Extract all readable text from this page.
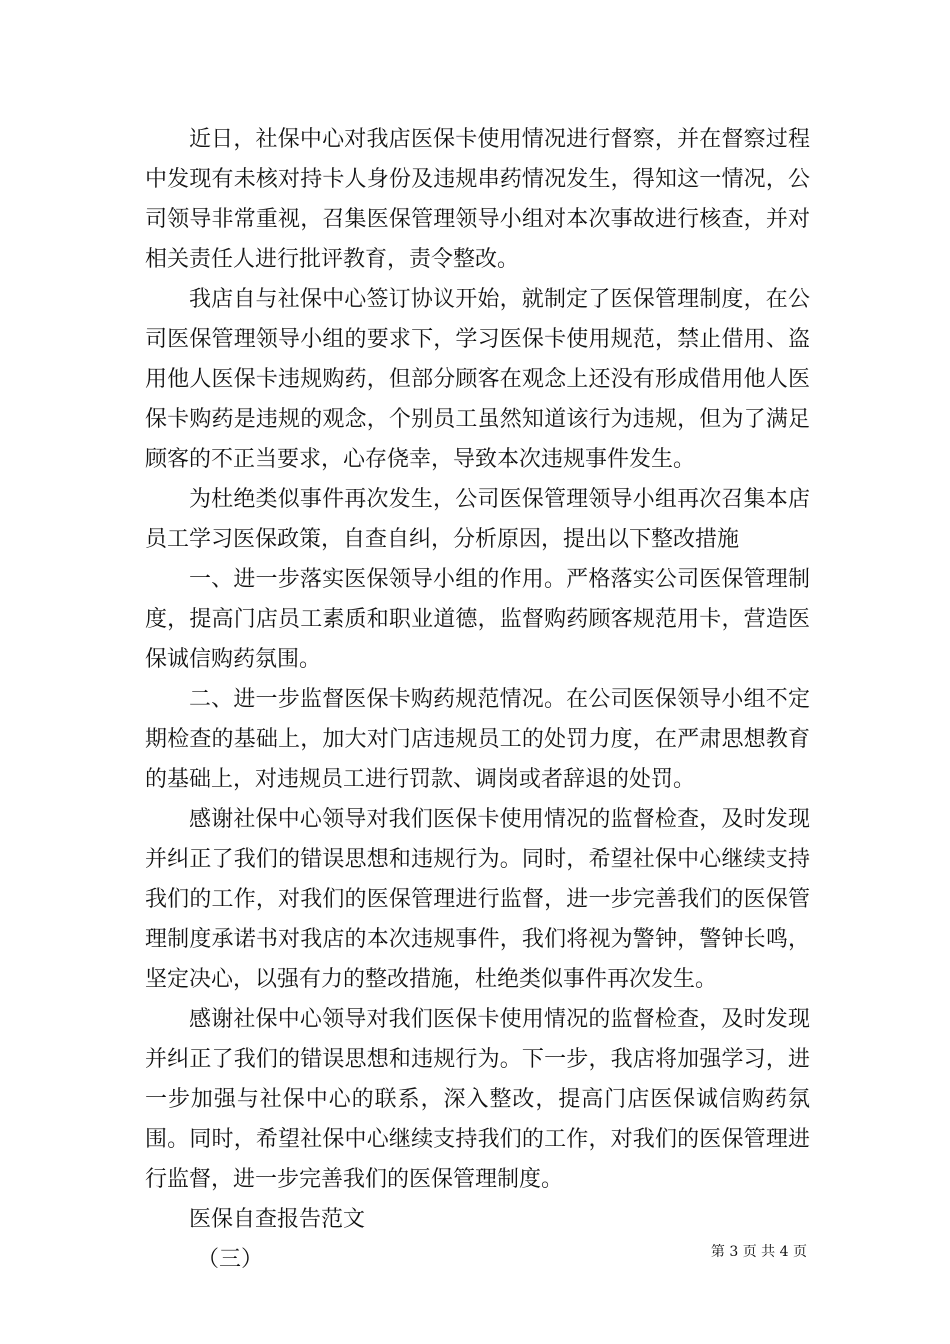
近日，社保中心对我店医保卡使用情况进行督察，并在督察过程中发现有未核对持卡人身份及违规串药情况发生，得知这一情况，公司领导非常重视，召集医保管理领导小组对本次事故进行核查，并对相关责任人进行批评教育，责令整改。

我店自与社保中心签订协议开始，就制定了医保管理制度，在公司医保管理领导小组的要求下，学习医保卡使用规范，禁止借用、盗用他人医保卡违规购药，但部分顾客在观念上还没有形成借用他人医保卡购药是违规的观念，个别员工虽然知道该行为违规，但为了满足顾客的不正当要求，心存侥幸，导致本次违规事件发生。

为杜绝类似事件再次发生，公司医保管理领导小组再次召集本店员工学习医保政策，自查自纠，分析原因，提出以下整改措施

一、进一步落实医保领导小组的作用。严格落实公司医保管理制度，提高门店员工素质和职业道德，监督购药顾客规范用卡，营造医保诚信购药氛围。

二、进一步监督医保卡购药规范情况。在公司医保领导小组不定期检查的基础上，加大对门店违规员工的处罚力度，在严肃思想教育的基础上，对违规员工进行罚款、调岗或者辞退的处罚。

感谢社保中心领导对我们医保卡使用情况的监督检查，及时发现并纠正了我们的错误思想和违规行为。同时，希望社保中心继续支持我们的工作，对我们的医保管理进行监督，进一步完善我们的医保管理制度承诺书对我店的本次违规事件，我们将视为警钟，警钟长鸣，坚定决心，以强有力的整改措施，杜绝类似事件再次发生。

感谢社保中心领导对我们医保卡使用情况的监督检查，及时发现并纠正了我们的错误思想和违规行为。下一步，我店将加强学习，进一步加强与社保中心的联系，深入整改，提高门店医保诚信购药氛围。同时，希望社保中心继续支持我们的工作，对我们的医保管理进行监督，进一步完善我们的医保管理制度。

医保自查报告范文

（三）	第 3 页 共 4 页
